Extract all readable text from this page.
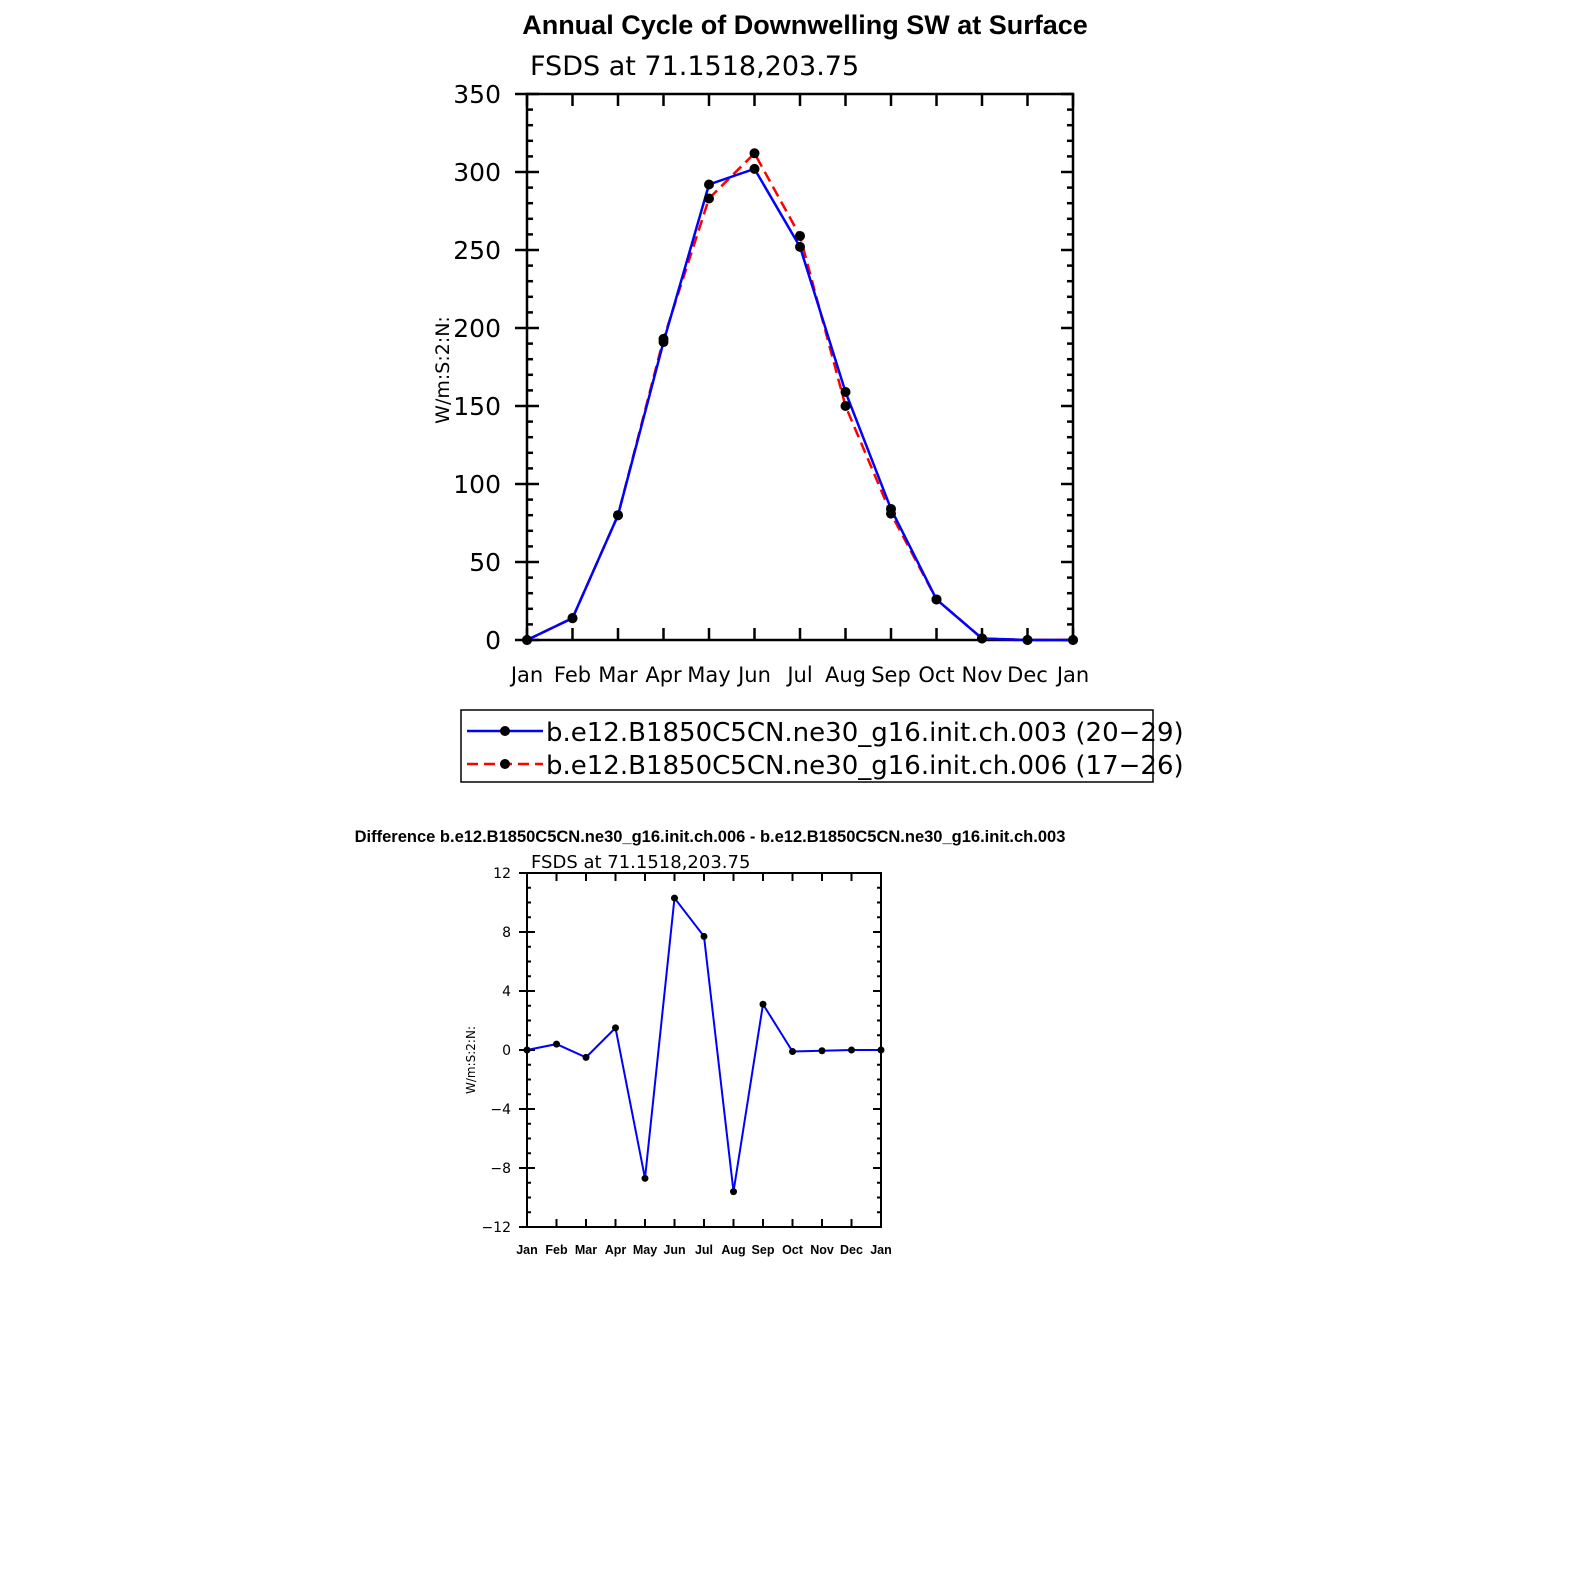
Annual Cycle of Downwelling SW at Surface
FSDS at 71.1518,203.75
W/m:S:2:N:
Jan Feb Mar Apr May Jun Jul Aug Sep Oct Nov Dec Jan
0
50
100
150
200
250
300
350
b.e12.B1850C5CN.ne30_g16.init.ch.003 (20−29)
b.e12.B1850C5CN.ne30_g16.init.ch.006 (17−26)
Difference b.e12.B1850C5CN.ne30_g16.init.ch.006 - b.e12.B1850C5CN.ne30_g16.init.ch.003
FSDS at 71.1518,203.75
W/m:S:2:N:
Jan Feb Mar Apr May Jun Jul Aug Sep Oct Nov Dec Jan
−12
−8
−4
0
4
8
12
